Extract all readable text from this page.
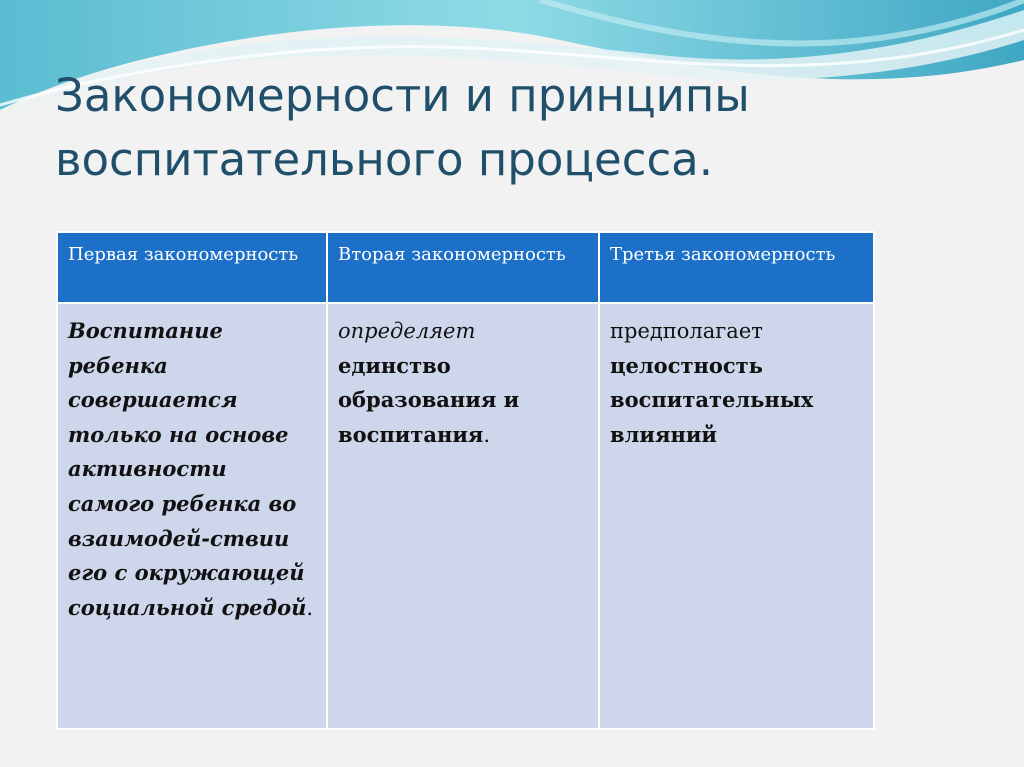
Закономерности и принципы
воспитательного процесса.
Первая закономерность	Вторая закономерность	Третья закономерность
Воспитание ребенка совершается только на основе активности самого ребенка во взаимодей-ствии его с окружающей социальной средой.	определяет единство образования и воспитания.	предполагает целостность воспитательных влияний
